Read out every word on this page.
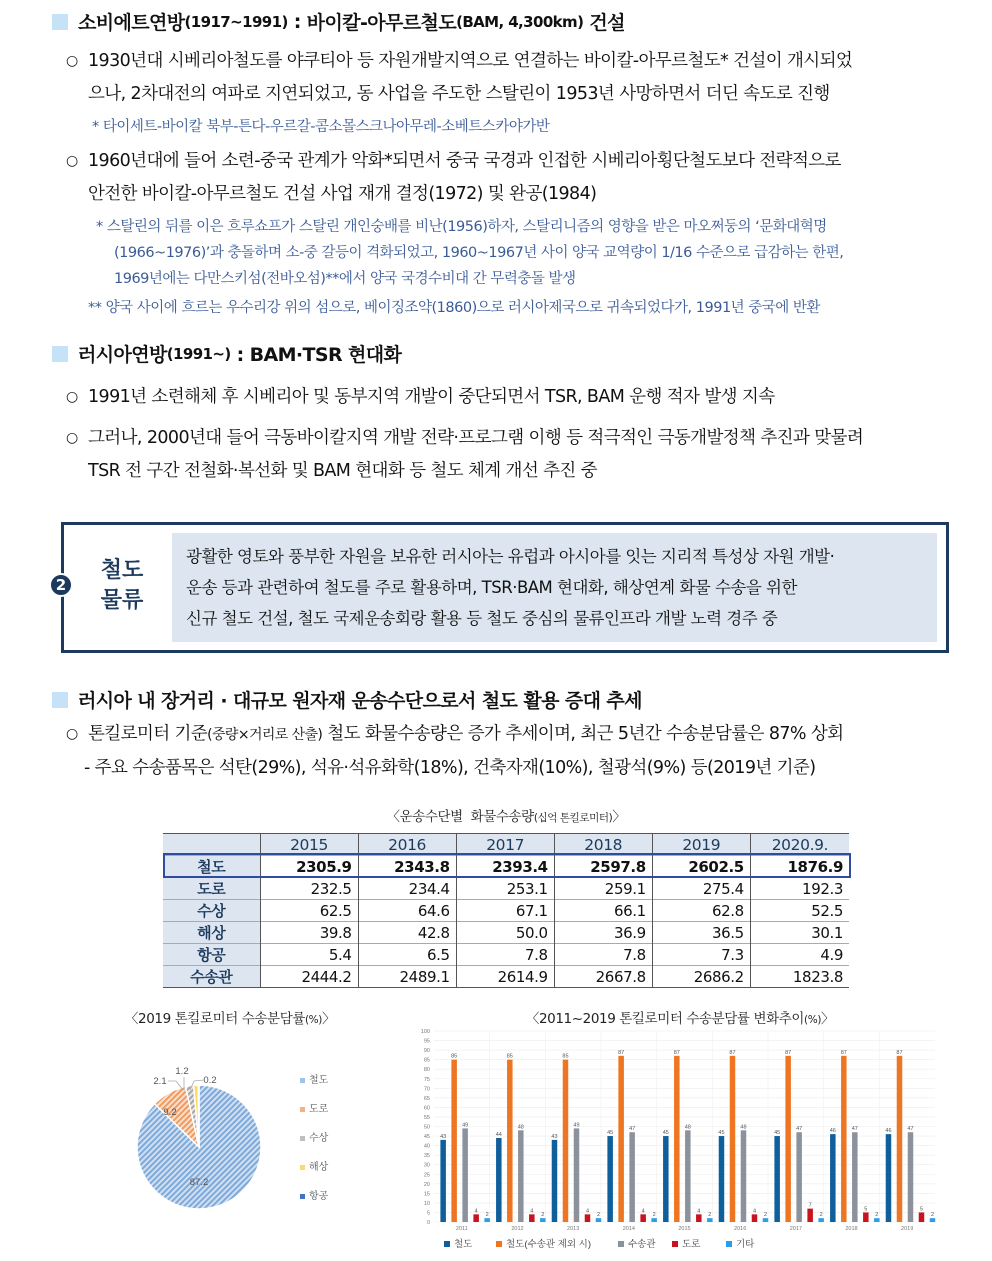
소비에트연방 (1917~1991) : 바이칼-아무르철도 (BAM, 4,300km) 건설
○ 1930년대 시베리아철도를 야쿠티아 등 자원개발지역으로 연결하는 바이칼-아무르철도* 건설이 개시되었
으나, 2차대전의 여파로 지연되었고, 동 사업을 주도한 스탈린이 1953년 사망하면서 더딘 속도로 진행
* 타이세트-바이칼 북부-튼다-우르갈-콤소몰스크나아무레-소베트스카야가반
○ 1960년대에 들어 소련-중국 관계가 악화*되면서 중국 국경과 인접한 시베리아횡단철도보다 전략적으로
안전한 바이칼-아무르철도 건설 사업 재개 결정(1972) 및 완공(1984)
* 스탈린의 뒤를 이은 흐루쇼프가 스탈린 개인숭배를 비난(1956)하자, 스탈리니즘의 영향을 받은 마오쩌둥의 ‘문화대혁명
(1966~1976)’과 충돌하며 소-중 갈등이 격화되었고, 1960~1967년 사이 양국 교역량이 1/16 수준으로 급감하는 한편,
1969년에는 다만스키섬(전바오섬)**에서 양국 국경수비대 간 무력충돌 발생
** 양국 사이에 흐르는 우수리강 위의 섬으로, 베이징조약(1860)으로 러시아제국으로 귀속되었다가, 1991년 중국에 반환
러시아연방 (1991~) : BAM·TSR 현대화
○ 1991년 소련해체 후 시베리아 및 동부지역 개발이 중단되면서 TSR, BAM 운행 적자 발생 지속
○ 그러나, 2000년대 들어 극동바이칼지역 개발 전략·프로그램 이행 등 적극적인 극동개발정책 추진과 맞물려
TSR 전 구간 전철화·복선화 및 BAM 현대화 등 철도 체계 개선 추진 중
2
철도
물류
광활한 영토와 풍부한 자원을 보유한 러시아는 유럽과 아시아를 잇는 지리적 특성상 자원 개발·
운송 등과 관련하여 철도를 주로 활용하며, TSR·BAM 현대화, 해상연계 화물 수송을 위한
신규 철도 건설, 철도 국제운송회랑 활용 등 철도 중심의 물류인프라 개발 노력 경주 중
러시아 내 장거리 · 대규모 원자재 운송수단으로서 철도 활용 증대 추세
○ 톤킬로미터 기준(중량×거리로 산출) 철도 화물수송량은 증가 추세이며, 최근 5년간 수송분담률은 87% 상회
- 주요 수송품목은 석탄(29%), 석유·석유화학(18%), 건축자재(10%), 철광석(9%) 등(2019년 기준)
〈운송수단별  화물수송량(십억 톤킬로미터)〉
	2015	2016	2017	2018	2019	2020.9.
철도	2305.9	2343.8	2393.4	2597.8	2602.5	1876.9
도로	232.5	234.4	253.1	259.1	275.4	192.3
수상	62.5	64.6	67.1	66.1	62.8	52.5
해상	39.8	42.8	50.0	36.9	36.5	30.1
항공	5.4	6.5	7.8	7.8	7.3	4.9
수송관	2444.2	2489.1	2614.9	2667.8	2686.2	1823.8
〈2019 톤킬로미터 수송분담률(%)〉
87.2
9.2
2.1
1.2
0.2	철도
도로
수상
해상
항공
〈2011~2019 톤킬로미터 수송분담률 변화추이(%)〉
0
5
10
15
20
25
30
35
40
45
50
55
60
65
70
75
80
85
90
95
100
43
85
49
4
2
2011
44
85
48
4
2
2012
43
85
49
4
2
2013
45
87
47
4
2
2014
45
87
48
4
2
2015
45
87
48
4
2
2016
45
87
47
7
2
2017
46
87
47
5
2
2018
46
87
47
5
2
2019
철도	철도(수송관 제외 시)	수송관	도로	기타
